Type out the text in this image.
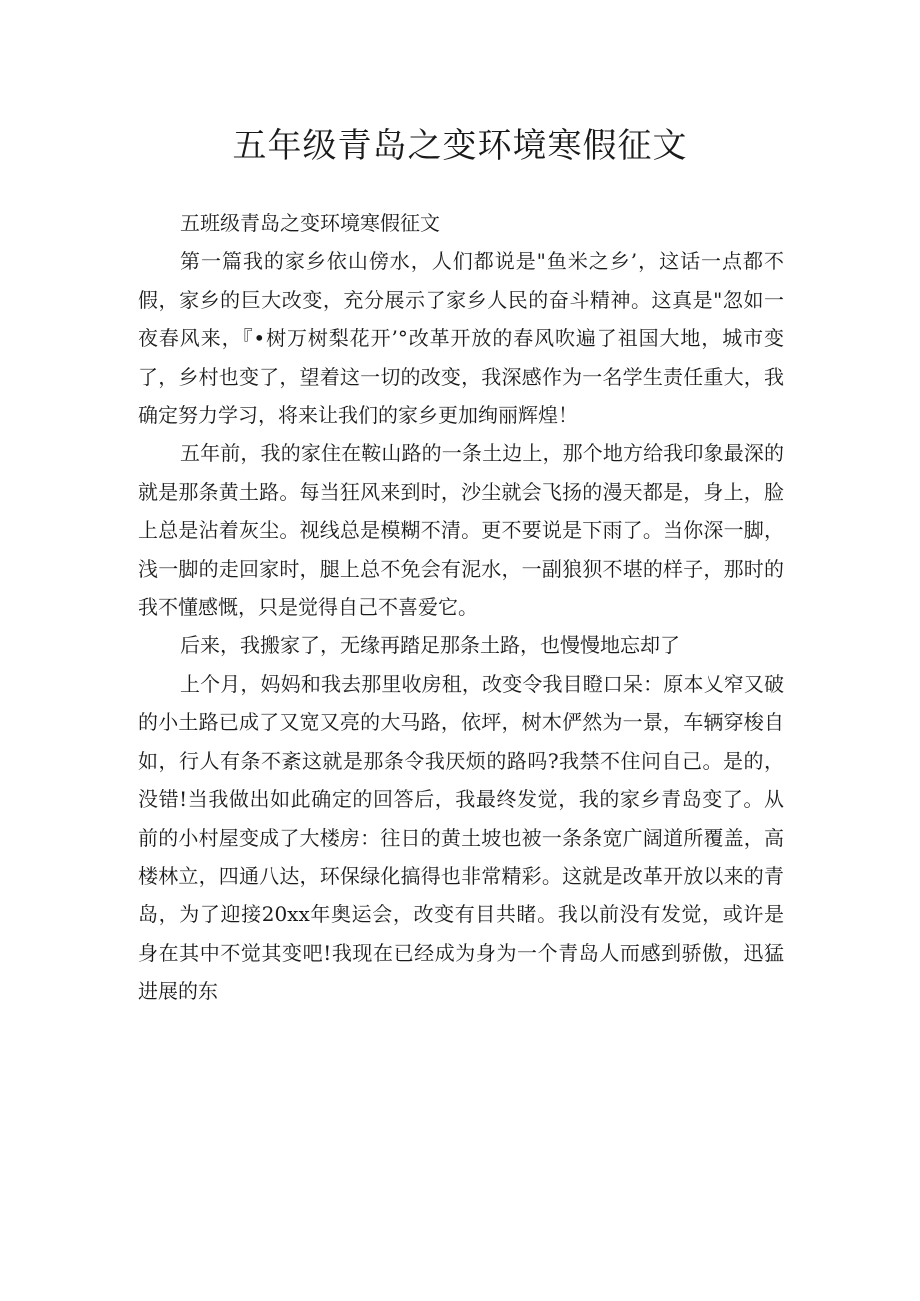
五年级青岛之变环境寒假征文

五班级青岛之变环境寒假征文

第一篇我的家乡依山傍水，人们都说是"鱼米之乡’，这话一点都不假，家乡的巨大改变，充分展示了家乡人民的奋斗精神。这真是"忽如一夜春风来，『•树万树梨花开’°改革开放的春风吹遍了祖国大地，城市变了，乡村也变了，望着这一切的改变，我深感作为一名学生责任重大，我确定努力学习，将来让我们的家乡更加绚丽辉煌！

五年前，我的家住在鞍山路的一条土边上，那个地方给我印象最深的就是那条黄土路。每当狂风来到时，沙尘就会飞扬的漫天都是，身上，脸上总是沾着灰尘。视线总是模糊不清。更不要说是下雨了。当你深一脚，浅一脚的走回家时，腿上总不免会有泥水，一副狼狈不堪的样子，那时的我不懂感慨，只是觉得自己不喜爱它。

后来，我搬家了，无缘再踏足那条土路，也慢慢地忘却了

上个月，妈妈和我去那里收房租，改变令我目瞪口呆：原本乂窄又破的小土路已成了又宽又亮的大马路，依坪，树木俨然为一景，车辆穿梭自如，行人有条不紊这就是那条令我厌烦的路吗?我禁不住问自己。是的，没错!当我做出如此确定的回答后，我最终发觉，我的家乡青岛变了。从前的小村屋变成了大楼房：往日的黄土坡也被一条条宽广阔道所覆盖，高楼林立，四通八达，环保绿化搞得也非常精彩。这就是改革开放以来的青岛，为了迎接20xx年奥运会，改变有目共睹。我以前没有发觉，或许是身在其中不觉其变吧!我现在已经成为身为一个青岛人而感到骄傲，迅猛进展的东
